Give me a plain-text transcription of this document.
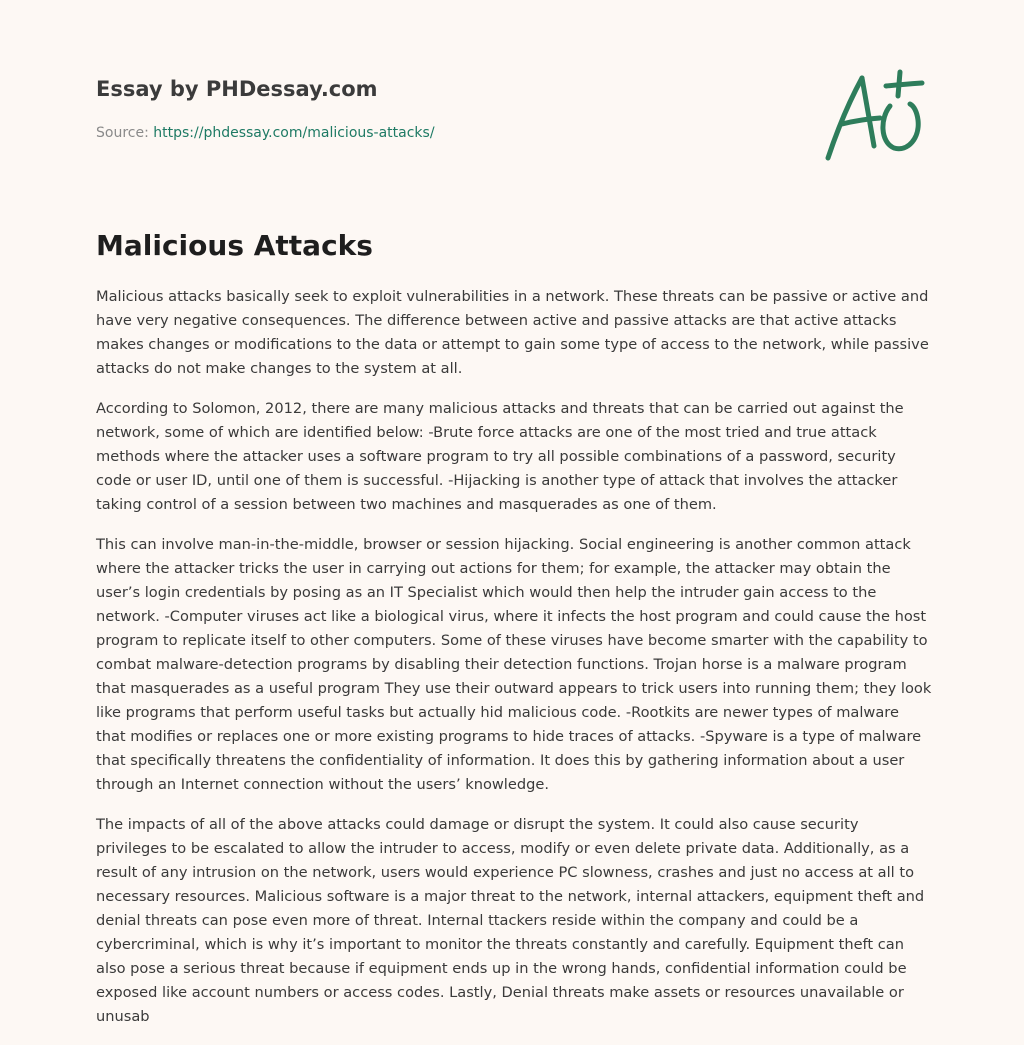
Essay by PHDessay.com
Source: https://phdessay.com/malicious-attacks/
Malicious Attacks

Malicious attacks basically seek to exploit vulnerabilities in a network. These threats can be passive or active and have very negative consequences. The difference between active and passive attacks are that active attacks makes changes or modifications to the data or attempt to gain some type of access to the network, while passive attacks do not make changes to the system at all.

According to Solomon, 2012, there are many malicious attacks and threats that can be carried out against the network, some of which are identified below: -Brute force attacks are one of the most tried and true attack methods where the attacker uses a software program to try all possible combinations of a password, security code or user ID, until one of them is successful. -Hijacking is another type of attack that involves the attacker taking control of a session between two machines and masquerades as one of them.

This can involve man-in-the-middle, browser or session hijacking. Social engineering is another common attack where the attacker tricks the user in carrying out actions for them; for example, the attacker may obtain the user’s login credentials by posing as an IT Specialist which would then help the intruder gain access to the network. -Computer viruses act like a biological virus, where it infects the host program and could cause the host program to replicate itself to other computers. Some of these viruses have become smarter with the capability to combat malware-detection programs by disabling their detection functions. Trojan horse is a malware program that masquerades as a useful program They use their outward appears to trick users into running them; they look like programs that perform useful tasks but actually hid malicious code. -Rootkits are newer types of malware that modifies or replaces one or more existing programs to hide traces of attacks. -Spyware is a type of malware that specifically threatens the confidentiality of information. It does this by gathering information about a user through an Internet connection without the users’ knowledge.

The impacts of all of the above attacks could damage or disrupt the system. It could also cause security privileges to be escalated to allow the intruder to access, modify or even delete private data. Additionally, as a result of any intrusion on the network, users would experience PC slowness, crashes and just no access at all to necessary resources. Malicious software is a major threat to the network, internal attackers, equipment theft and denial threats can pose even more of threat. Internal ttackers reside within the company and could be a cybercriminal, which is why it’s important to monitor the threats constantly and carefully. Equipment theft can also pose a serious threat because if equipment ends up in the wrong hands, confidential information could be exposed like account numbers or access codes. Lastly, Denial threats make assets or resources unavailable or unusab
